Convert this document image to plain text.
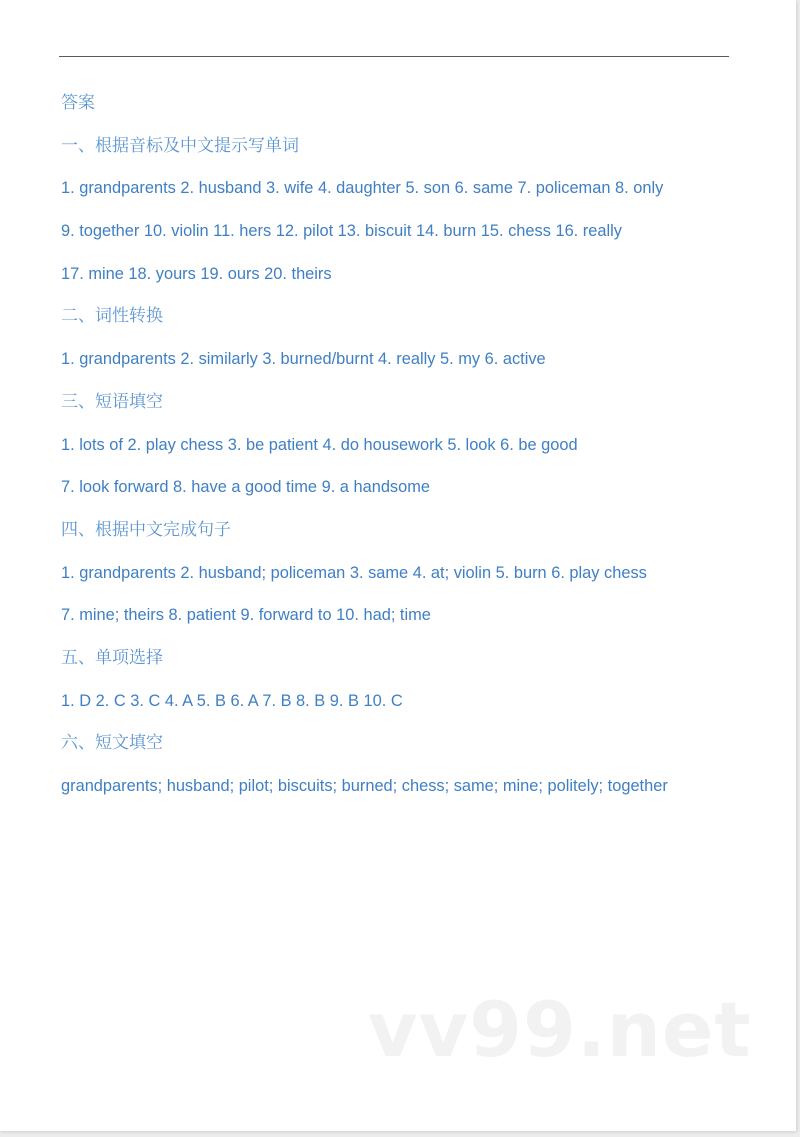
答案
一、根据音标及中文提示写单词
1. grandparents 2. husband 3. wife 4. daughter 5. son 6. same 7. policeman 8. only
9. together 10. violin 11. hers 12. pilot 13. biscuit 14. burn 15. chess 16. really
17. mine 18. yours 19. ours 20. theirs
二、词性转换
1. grandparents 2. similarly 3. burned/burnt 4. really 5. my 6. active
三、短语填空
1. lots of 2. play chess 3. be patient 4. do housework 5. look 6. be good
7. look forward 8. have a good time 9. a handsome
四、根据中文完成句子
1. grandparents 2. husband; policeman 3. same 4. at; violin 5. burn 6. play chess
7. mine; theirs 8. patient 9. forward to 10. had; time
五、单项选择
1. D 2. C 3. C 4. A 5. B 6. A 7. B 8. B 9. B 10. C
六、短文填空
grandparents; husband; pilot; biscuits; burned; chess; same; mine; politely; together
vv99.net
